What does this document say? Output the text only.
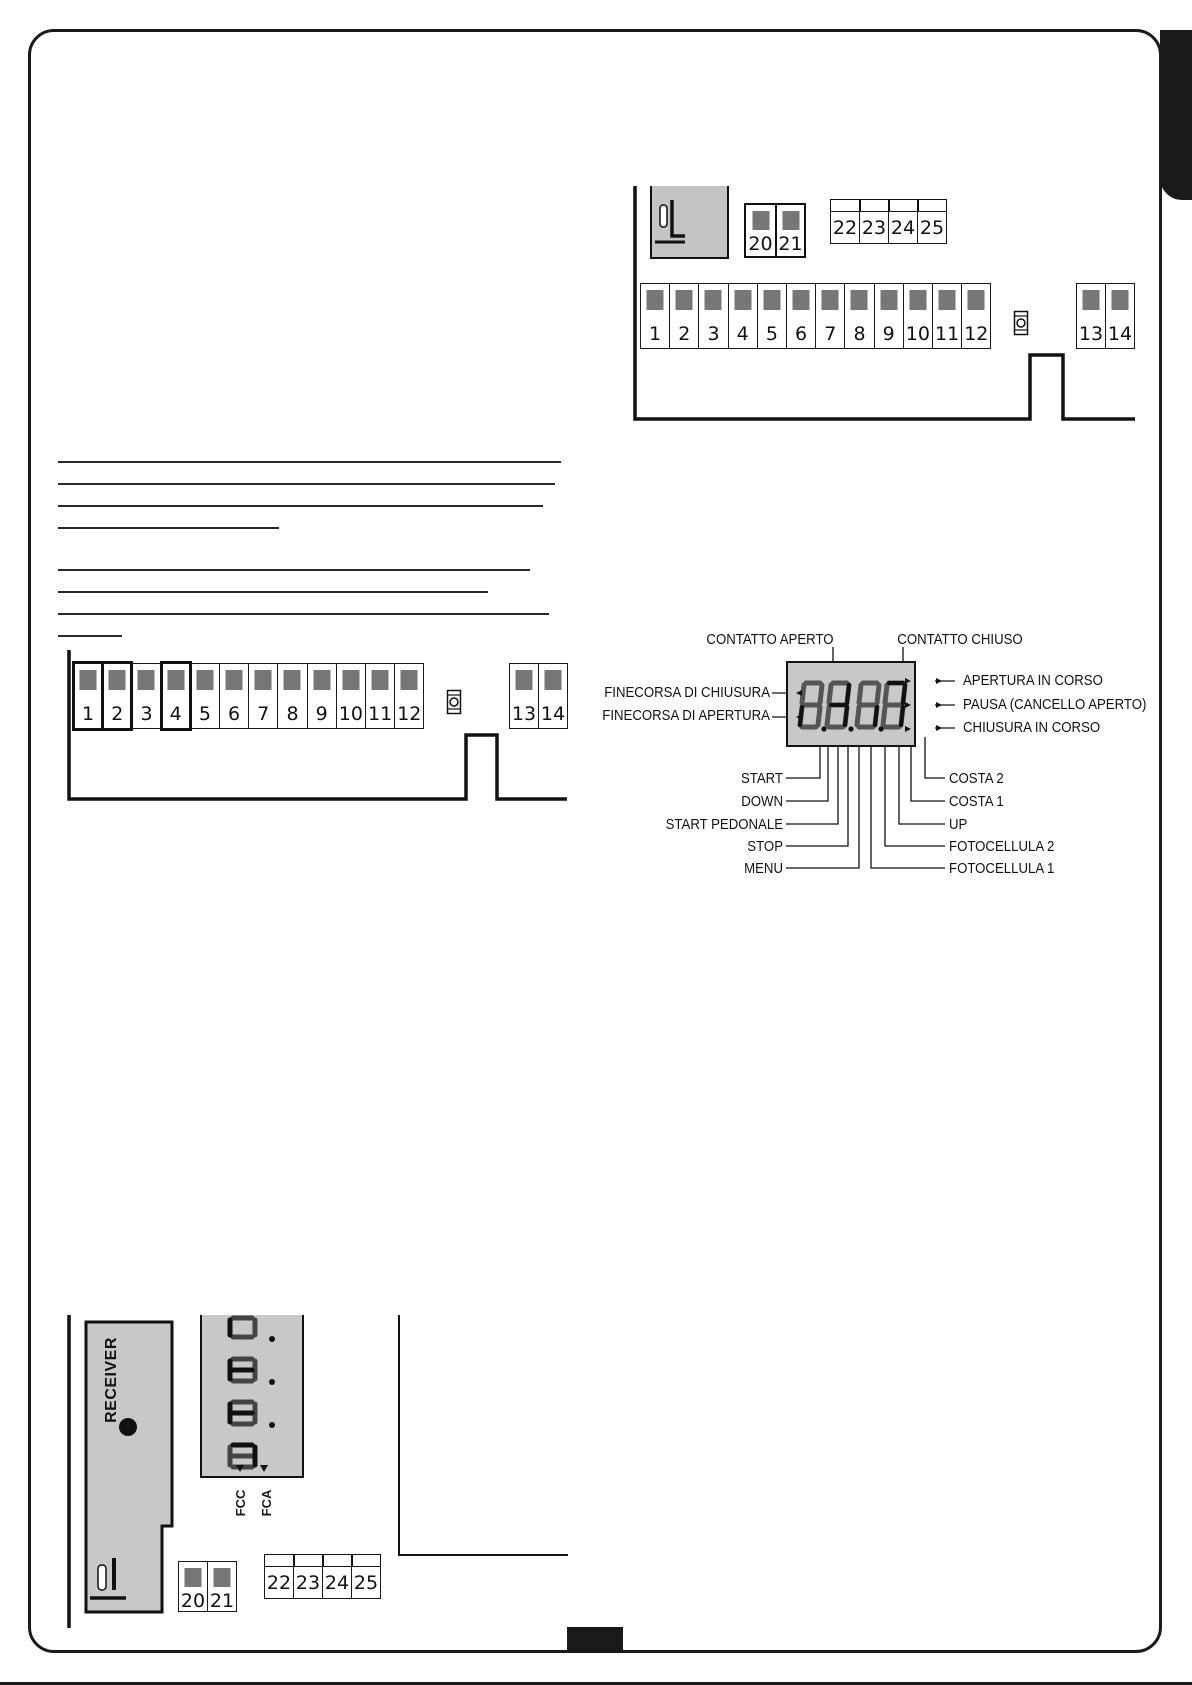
20 21
22 23 24 25
1 2 3 4 5 6 7 8 9 10 11 12	13 14
1 2 3 4 5 6 7 8 9 10 11 12	13 14
CONTATTO APERTO	CONTATTO CHIUSO
FINECORSA DI CHIUSURA
FINECORSA DI APERTURA
APERTURA IN CORSO
PAUSA (CANCELLO APERTO)
CHIUSURA IN CORSO
START
DOWN
START PEDONALE
STOP
MENU
COSTA 2
COSTA 1
UP
FOTOCELLULA 2
FOTOCELLULA 1
RECEIVER
FCC FCA
20 21
22 23 24 25
